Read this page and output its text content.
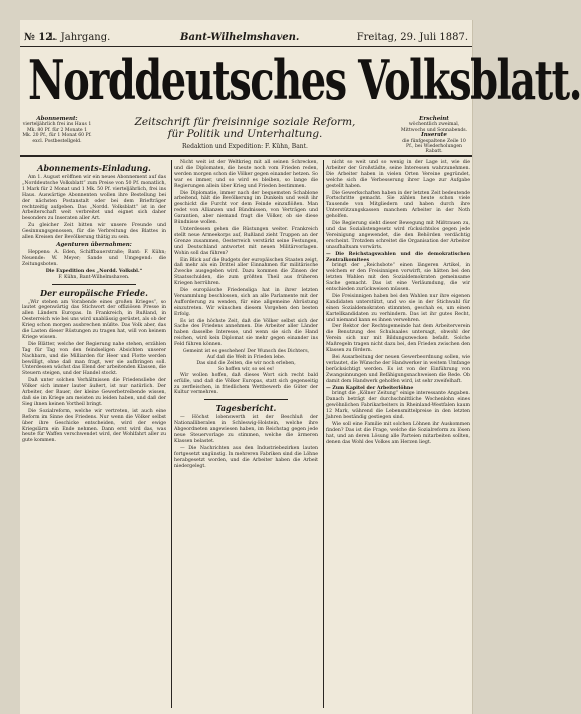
№ 12.
1. Jahrgang.	Bant-Wilhelmshaven.	Freitag, 29. Juli 1887.
Abonnement:
vierteljährlich frei ins Haus 1 Mk. 80 Pf. für 2 Monate 1 Mk. 20 Pf., für 1 Monat 60 Pf. excl. Postbestellgeld.
Norddeutsches Volksblatt.
Erscheint
wöchentlich zweimal, Mittwochs und Sonnabends.
Inserate
die fünfgespaltene Zeile 10 Pf., bei Wiederholungen Rabatt.
Zeitschrift für freisinnige soziale Reform,
für Politik und Unterhaltung.
Redaktion und Expedition: F. Kühn, Bant.
Abonnements-Einladung.

Am 1. August eröffnen wir ein neues Abonnement auf das „Norddeutsche Volksblatt“ zum Preise von 50 Pf. monatlich, 1 Mark für 2 Monat und 1 Mk. 50 Pf. vierteljährlich, frei ins Haus. Auswärtige Abonnenten wollen ihre Bestellung bei der nächsten Postanstalt oder bei dem Briefträger rechtzeitig aufgeben. Das „Nordd. Volksblatt“ ist in der Arbeiterschaft weit verbreitet und eignet sich daher besonders zu Inseraten aller Art.

Zu gleicher Zeit bitten wir unsere Freunde und Gesinnungsgenossen, für die Verbreitung des Blattes in allen Kreisen der Bevölkerung thätig zu sein.

Agenturen übernahmen:

Heppens: A. Eden, Schiffbauerstraße; Bant: F. Kühn; Neuende: W. Meyer; Sande und Umgegend: die Zeitungsboten.

Die Expedition des „Nordd. Volksbl.“
F. Kühn, Bant-Wilhelmshaven.
Der europäische Friede.

„Wir stehen am Vorabende eines großen Krieges“, so lautet gegenwärtig das Stichwort der offiziösen Presse in allen Ländern Europas. In Frankreich, in Rußland, in Oesterreich wie bei uns wird unablässig gerüstet, als ob der Krieg schon morgen ausbrechen müßte. Das Volk aber, das die Lasten dieser Rüstungen zu tragen hat, will von keinem Kriege wissen.

Die Blätter, welche der Regierung nahe stehen, erzählen Tag für Tag von den feindseligen Absichten unserer Nachbarn, und die Milliarden für Heer und Flotte werden bewilligt, ohne daß man fragt, wer sie aufbringen soll. Unterdessen wächst das Elend der arbeitenden Klassen, die Steuern steigen, und der Handel stockt.

Daß unter solchen Verhältnissen die Friedensliebe der Völker sich immer lauter äußert, ist nur natürlich. Der Arbeiter, der Bauer, der kleine Gewerbetreibende wissen, daß sie im Kriege am meisten zu leiden haben, und daß der Sieg ihnen keinen Vortheil bringt.

Die Sozialreform, welche wir vertreten, ist auch eine Reform im Sinne des Friedens. Nur wenn die Völker selbst über ihre Geschicke entscheiden, wird der ewige Kriegslärm ein Ende nehmen. Dann erst wird das, was heute für Waffen verschwendet wird, der Wohlfahrt aller zu gute kommen.

Nicht weit ist der Weltkrieg mit all seinen Schrecken, und die Diplomaten, die heute noch vom Frieden reden, werden morgen schon die Völker gegen einander hetzen. So war es immer, und so wird es bleiben, so lange die Regierungen allein über Krieg und Frieden bestimmen.

Die Diplomatie, immer nach der bequemsten Schablone arbeitend, hält die Bevölkerung im Dunkeln und weiß ihr geschickt die Furcht vor dem Feinde einzuflößen. Man redet von Allianzen und Bündnissen, von Verträgen und Garantien, aber niemand fragt die Völker, ob sie diese Bündnisse wollen.

Unterdessen gehen die Rüstungen weiter. Frankreich stellt neue Armeekorps auf, Rußland zieht Truppen an der Grenze zusammen, Oesterreich verstärkt seine Festungen, und Deutschland antwortet mit neuen Militärvorlagen. Wohin soll das führen?

Ein Blick auf die Budgets der europäischen Staaten zeigt, daß mehr als ein Drittel aller Einnahmen für militärische Zwecke ausgegeben wird. Dazu kommen die Zinsen der Staatsschulden, die zum größten Theil aus früheren Kriegen herrühren.

Die europäische Friedensliga hat in ihrer letzten Versammlung beschlossen, sich an alle Parlamente mit der Aufforderung zu wenden, für eine allgemeine Abrüstung einzutreten. Wir wünschen diesem Vorgehen den besten Erfolg.

Es ist die höchste Zeit, daß die Völker selbst sich der Sache des Friedens annehmen. Die Arbeiter aller Länder haben dasselbe Interesse, und wenn sie sich die Hand reichen, wird kein Diplomat sie mehr gegen einander ins Feld führen können.

Gemeint ist es geschehen! Der Wunsch des Dichters,
Auf daß die Welt in Frieden lebe.
Das sind die Zeiten, die wir noch erleben,
So hoffen wir, so sei es!

Wir wollen hoffen, daß dieses Wort sich recht bald erfülle, und daß die Völker Europas, statt sich gegenseitig zu zerfleischen, in friedlichem Wettbewerb die Güter der Kultur vermehren.

Tagesbericht.

— Höchst lobenswerth ist der Beschluß der Nationalliberalen in Schleswig-Holstein, welche ihre Abgeordneten angewiesen haben, im Reichstag gegen jede neue Steuervorlage zu stimmen, welche die ärmeren Klassen belastet.

— Die Nachrichten aus den Industriebezirken lauten fortgesetzt ungünstig. In mehreren Fabriken sind die Löhne herabgesetzt worden, und die Arbeiter haben die Arbeit niedergelegt.

nicht so weit und so wenig in der Lage ist, wie die Arbeiter der Großstädte, seine Interessen wahrzunehmen. Die Arbeiter haben in vielen Orten Vereine gegründet, welche sich die Verbesserung ihrer Lage zur Aufgabe gestellt haben.

Die Gewerkschaften haben in der letzten Zeit bedeutende Fortschritte gemacht. Sie zählen heute schon viele Tausende von Mitgliedern und haben durch ihre Unterstützungskassen manchem Arbeiter in der Noth geholfen.

Die Regierung sieht dieser Bewegung mit Mißtrauen zu, und das Sozialistengesetz wird rücksichtslos gegen jede Vereinigung angewendet, die den Behörden verdächtig erscheint. Trotzdem schreitet die Organisation der Arbeiter unaufhaltsam vorwärts.

— Die Reichstagswahlen und die demokratischen Zentralkomitees

bringt der „Reichsbote“ einen längeren Artikel, in welchem er den Freisinnigen vorwirft, sie hätten bei den letzten Wahlen mit den Sozialdemokraten gemeinsame Sache gemacht. Das ist eine Verläumdung, die wir entschieden zurückweisen müssen.

Die Freisinnigen haben bei den Wahlen nur ihre eigenen Kandidaten unterstützt, und wo sie in der Stichwahl für einen Sozialdemokraten stimmten, geschah es, um einen Kartellkandidaten zu verhindern. Das ist ihr gutes Recht, und niemand kann es ihnen verwehren.

Der Rektor der Rechtsgemeinde hat dem Arbeiterverein die Benutzung des Schulsaales untersagt, obwohl der Verein sich nur mit Bildungszwecken befaßt. Solche Maßregeln tragen nicht dazu bei, den Frieden zwischen den Klassen zu fördern.

Bei Ausarbeitung der neuen Gewerbeordnung sollen, wie verlautet, die Wünsche der Handwerker in weitem Umfange berücksichtigt werden. Es ist von der Einführung von Zwangsinnungen und Befähigungsnachweisen die Rede. Ob damit dem Handwerk geholfen wird, ist sehr zweifelhaft.

— Zum Kapitel der Arbeiterlöhne

bringt die „Kölner Zeitung“ einige interessante Angaben. Danach beträgt der durchschnittliche Wochenlohn eines gewöhnlichen Fabrikarbeiters in Rheinland-Westfalen kaum 12 Mark, während die Lebensmittelpreise in den letzten Jahren beständig gestiegen sind.

Wie soll eine Familie mit solchen Löhnen ihr Auskommen finden? Das ist die Frage, welche die Sozialreform zu lösen hat, und an deren Lösung alle Parteien mitarbeiten sollten, denen das Wohl des Volkes am Herzen liegt.
